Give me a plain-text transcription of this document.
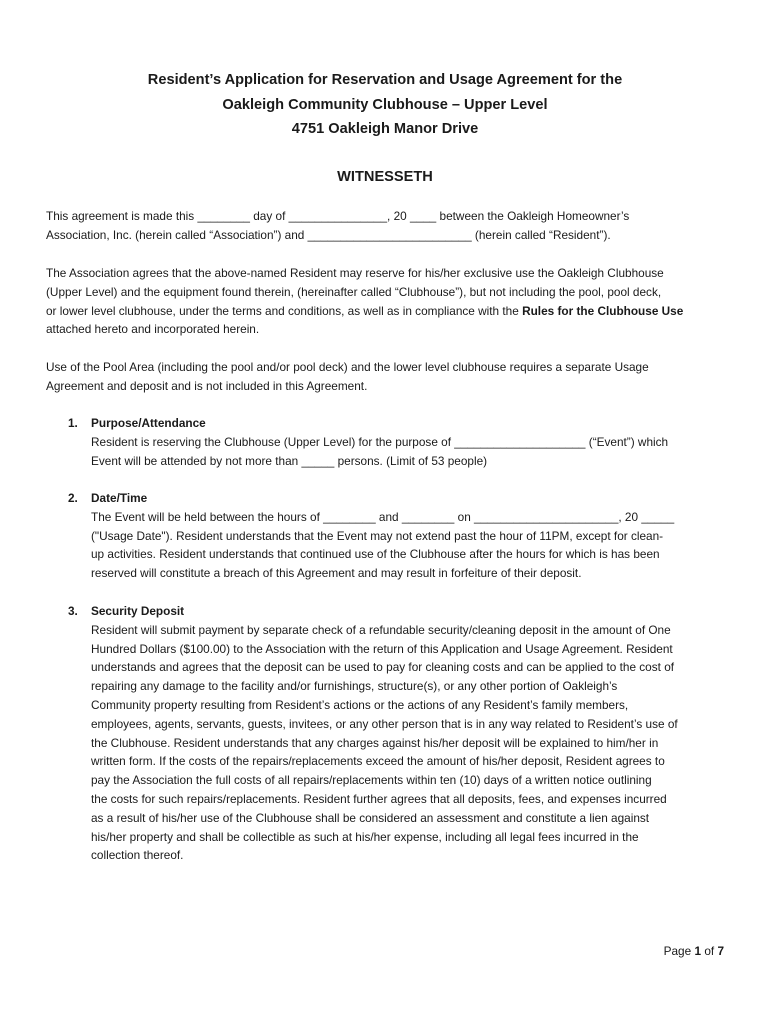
Resident’s Application for Reservation and Usage Agreement for the
Oakleigh Community Clubhouse – Upper Level
4751 Oakleigh Manor Drive
WITNESSETH
This agreement is made this ________ day of _______________, 20 ____ between the Oakleigh Homeowner’s
Association, Inc. (herein called “Association”) and _________________________ (herein called “Resident”).
The Association agrees that the above-named Resident may reserve for his/her exclusive use the Oakleigh Clubhouse
(Upper Level) and the equipment found therein, (hereinafter called “Clubhouse”), but not including the pool, pool deck,
or lower level clubhouse, under the terms and conditions, as well as in compliance with the Rules for the Clubhouse Use
attached hereto and incorporated herein.
Use of the Pool Area (including the pool and/or pool deck) and the lower level clubhouse requires a separate Usage
Agreement and deposit and is not included in this Agreement.
1. Purpose/Attendance
Resident is reserving the Clubhouse (Upper Level) for the purpose of ____________________ (“Event”) which
Event will be attended by not more than _____ persons. (Limit of 53 people)
2. Date/Time
The Event will be held between the hours of ________ and ________ on ______________________, 20 _____
("Usage Date"). Resident understands that the Event may not extend past the hour of 11PM, except for clean-
up activities. Resident understands that continued use of the Clubhouse after the hours for which is has been
reserved will constitute a breach of this Agreement and may result in forfeiture of their deposit.
3. Security Deposit
Resident will submit payment by separate check of a refundable security/cleaning deposit in the amount of One
Hundred Dollars ($100.00) to the Association with the return of this Application and Usage Agreement. Resident
understands and agrees that the deposit can be used to pay for cleaning costs and can be applied to the cost of
repairing any damage to the facility and/or furnishings, structure(s), or any other portion of Oakleigh’s
Community property resulting from Resident’s actions or the actions of any Resident’s family members,
employees, agents, servants, guests, invitees, or any other person that is in any way related to Resident’s use of
the Clubhouse. Resident understands that any charges against his/her deposit will be explained to him/her in
written form. If the costs of the repairs/replacements exceed the amount of his/her deposit, Resident agrees to
pay the Association the full costs of all repairs/replacements within ten (10) days of a written notice outlining
the costs for such repairs/replacements. Resident further agrees that all deposits, fees, and expenses incurred
as a result of his/her use of the Clubhouse shall be considered an assessment and constitute a lien against
his/her property and shall be collectible as such at his/her expense, including all legal fees incurred in the
collection thereof.
Page 1 of 7
